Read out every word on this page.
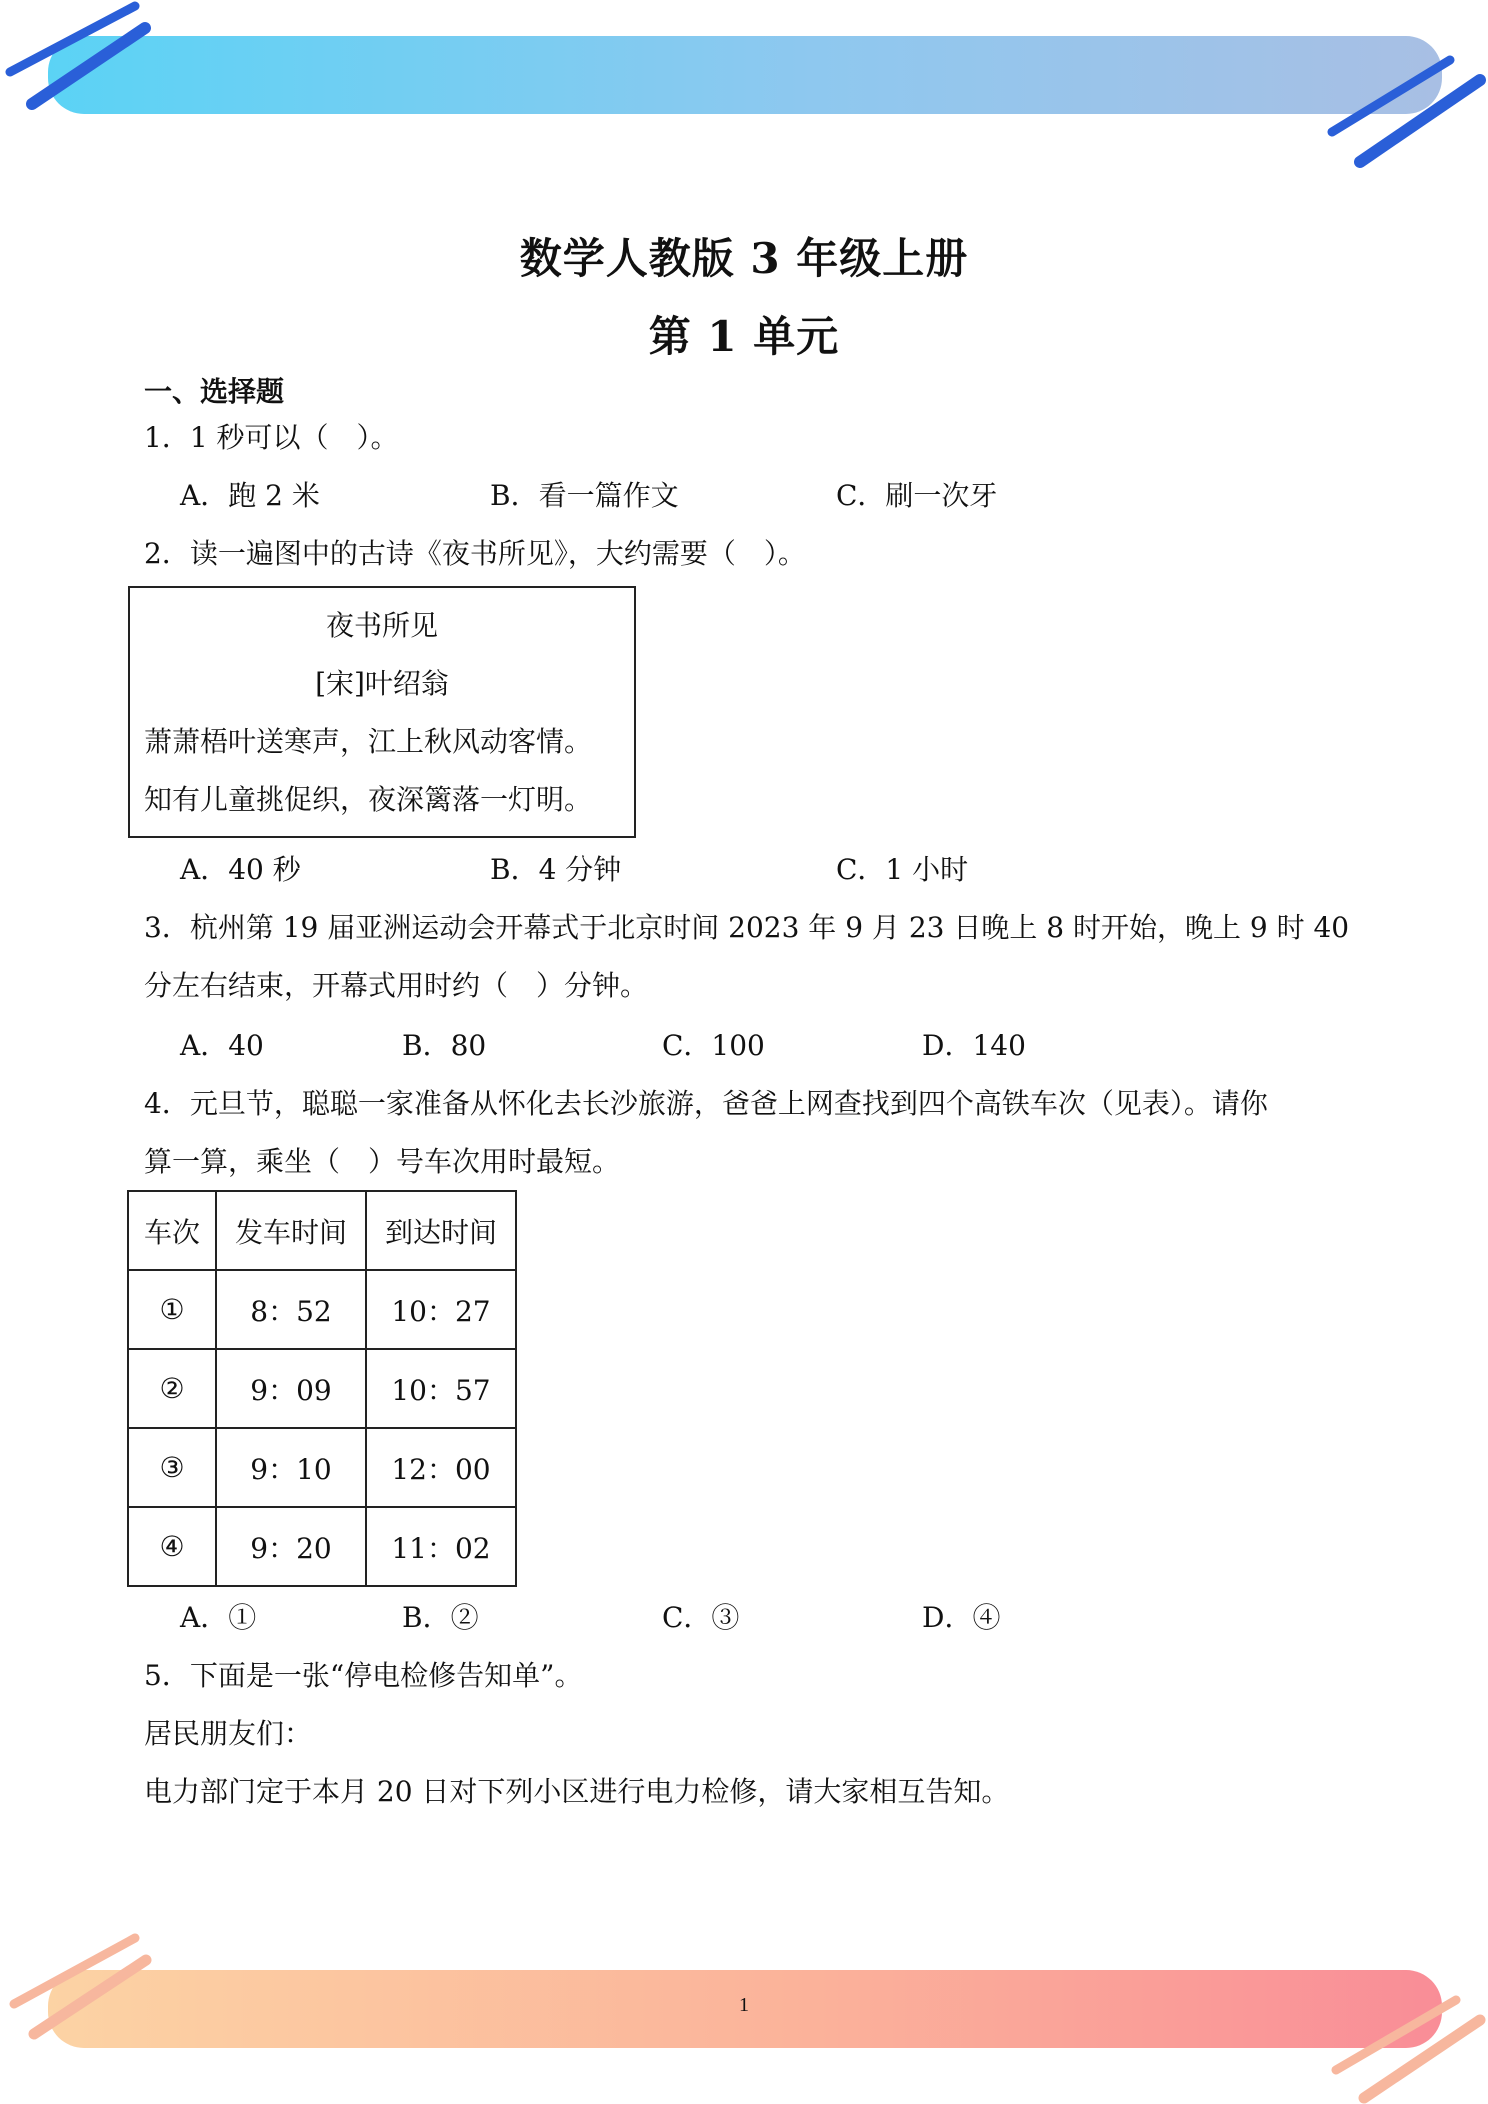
数学人教版 3 年级上册
第 1 单元
一、选择题
1．1 秒可以（　）。
A．跑 2 米	B．看一篇作文	C．刷一次牙
2．读一遍图中的古诗《夜书所见》，大约需要（　）。
夜书所见
[宋]叶绍翁
萧萧梧叶送寒声，江上秋风动客情。
知有儿童挑促织，夜深篱落一灯明。
A．40 秒	B．4 分钟	C．1 小时
3．杭州第 19 届亚洲运动会开幕式于北京时间 2023 年 9 月 23 日晚上 8 时开始，晚上 9 时 40
分左右结束，开幕式用时约（　）分钟。
A．40	B．80	C．100	D．140
4．元旦节，聪聪一家准备从怀化去长沙旅游，爸爸上网查找到四个高铁车次（见表）。请你
算一算，乘坐（　）号车次用时最短。
车次	发车时间	到达时间
①	8：52	10：27
②	9：09	10：57
③	9：10	12：00
④	9：20	11：02
A．①	B．②	C．③	D．④
5．下面是一张“停电检修告知单”。
居民朋友们：
电力部门定于本月 20 日对下列小区进行电力检修，请大家相互告知。
1
